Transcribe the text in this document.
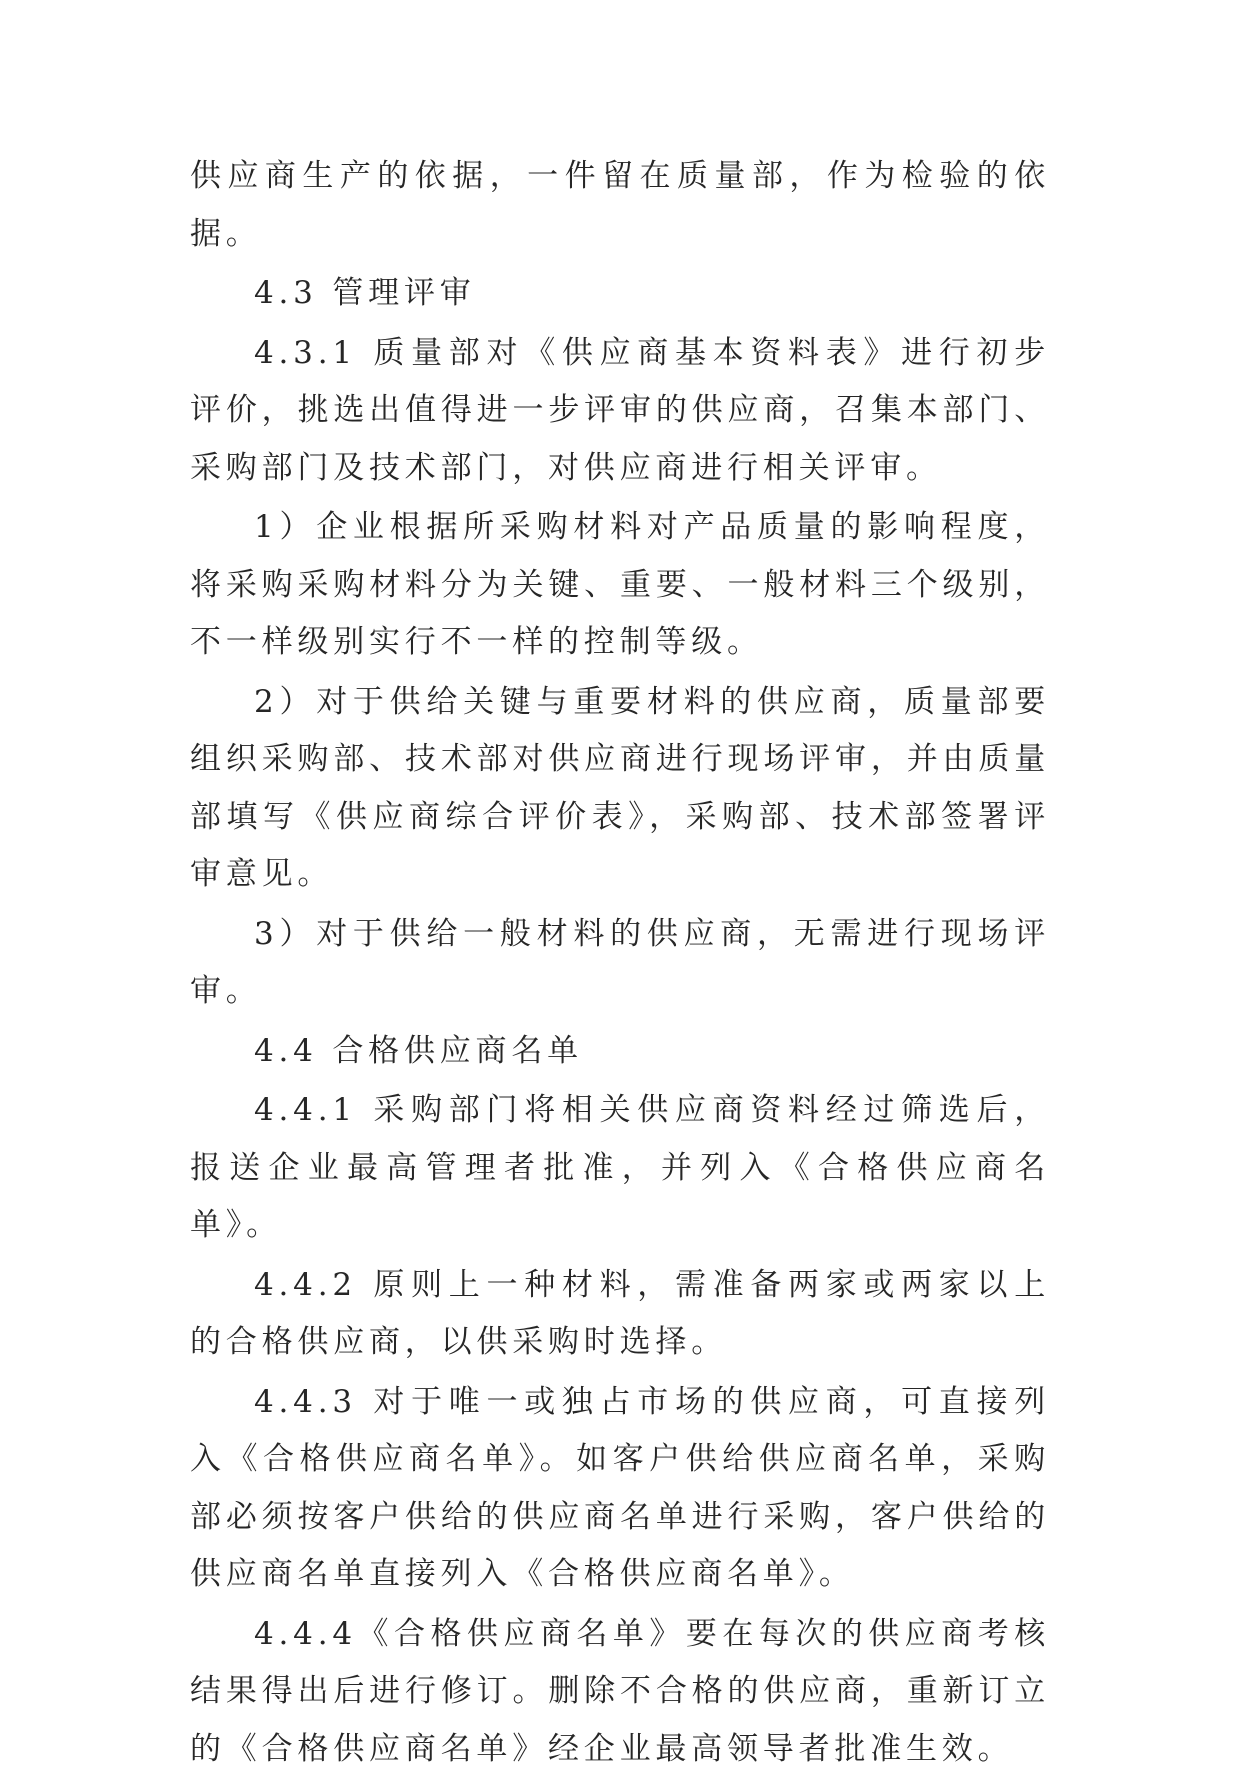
供应商生产的依据，一件留在质量部，作为检验的依据。

4.3 管理评审

4.3.1 质量部对《供应商基本资料表》进行初步评价，挑选出值得进一步评审的供应商，召集本部门、采购部门及技术部门，对供应商进行相关评审。

1）企业根据所采购材料对产品质量的影响程度，将采购采购材料分为关键、重要、一般材料三个级别，不一样级别实行不一样的控制等级。

2）对于供给关键与重要材料的供应商，质量部要组织采购部、技术部对供应商进行现场评审，并由质量部填写《供应商综合评价表》，采购部、技术部签署评审意见。

3）对于供给一般材料的供应商，无需进行现场评审。

4.4 合格供应商名单

4.4.1 采购部门将相关供应商资料经过筛选后，报送企业最高管理者批准，并列入《合格供应商名单》。

4.4.2 原则上一种材料，需准备两家或两家以上的合格供应商，以供采购时选择。

4.4.3 对于唯一或独占市场的供应商，可直接列入《合格供应商名单》。如客户供给供应商名单，采购部必须按客户供给的供应商名单进行采购，客户供给的供应商名单直接列入《合格供应商名单》。

4.4.4《合格供应商名单》要在每次的供应商考核结果得出后进行修订。删除不合格的供应商，重新订立的《合格供应商名单》经企业最高领导者批准生效。
